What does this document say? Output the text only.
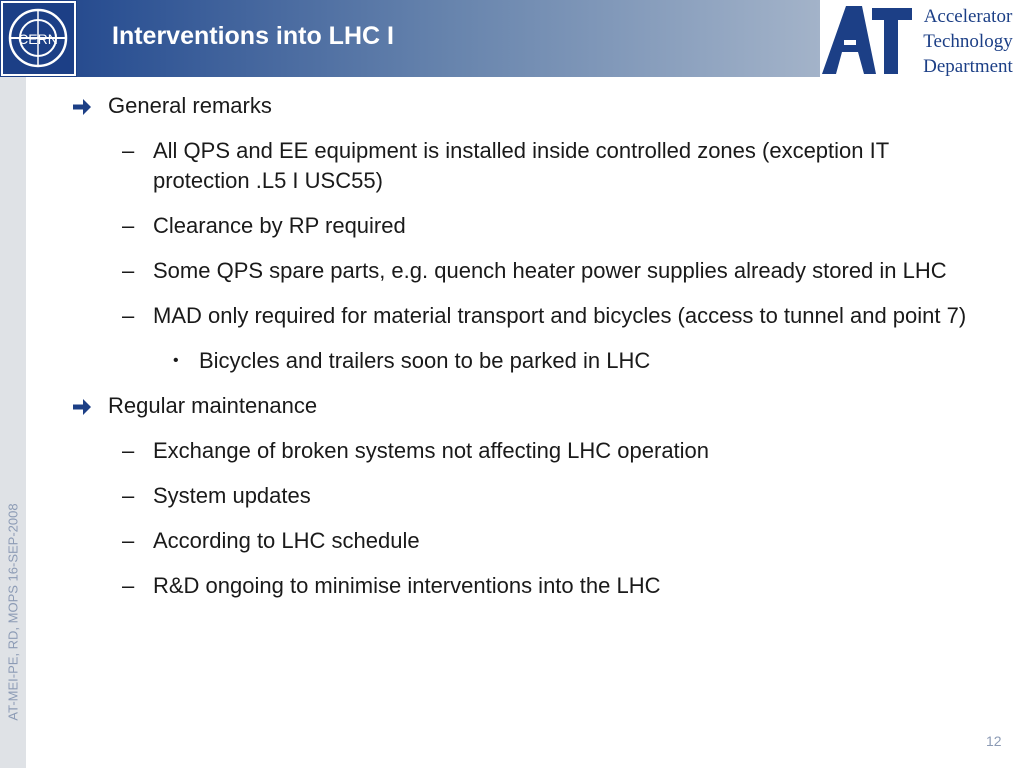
CERN Interventions into LHC I
Accelerator
Technology
Department
AT-MEI-PE, RD, MOPS 16-SEP-2008
General remarks
– All QPS and EE equipment is installed inside controlled zones (exception IT protection .L5 I USC55)
– Clearance by RP required
– Some QPS spare parts, e.g. quench heater power supplies already stored in LHC
– MAD only required for material transport and bicycles (access to tunnel and point 7)
• Bicycles and trailers soon to be parked in LHC
Regular maintenance
– Exchange of broken systems not affecting LHC operation
– System updates
– According to LHC schedule
– R&D ongoing to minimise interventions into the LHC
12
